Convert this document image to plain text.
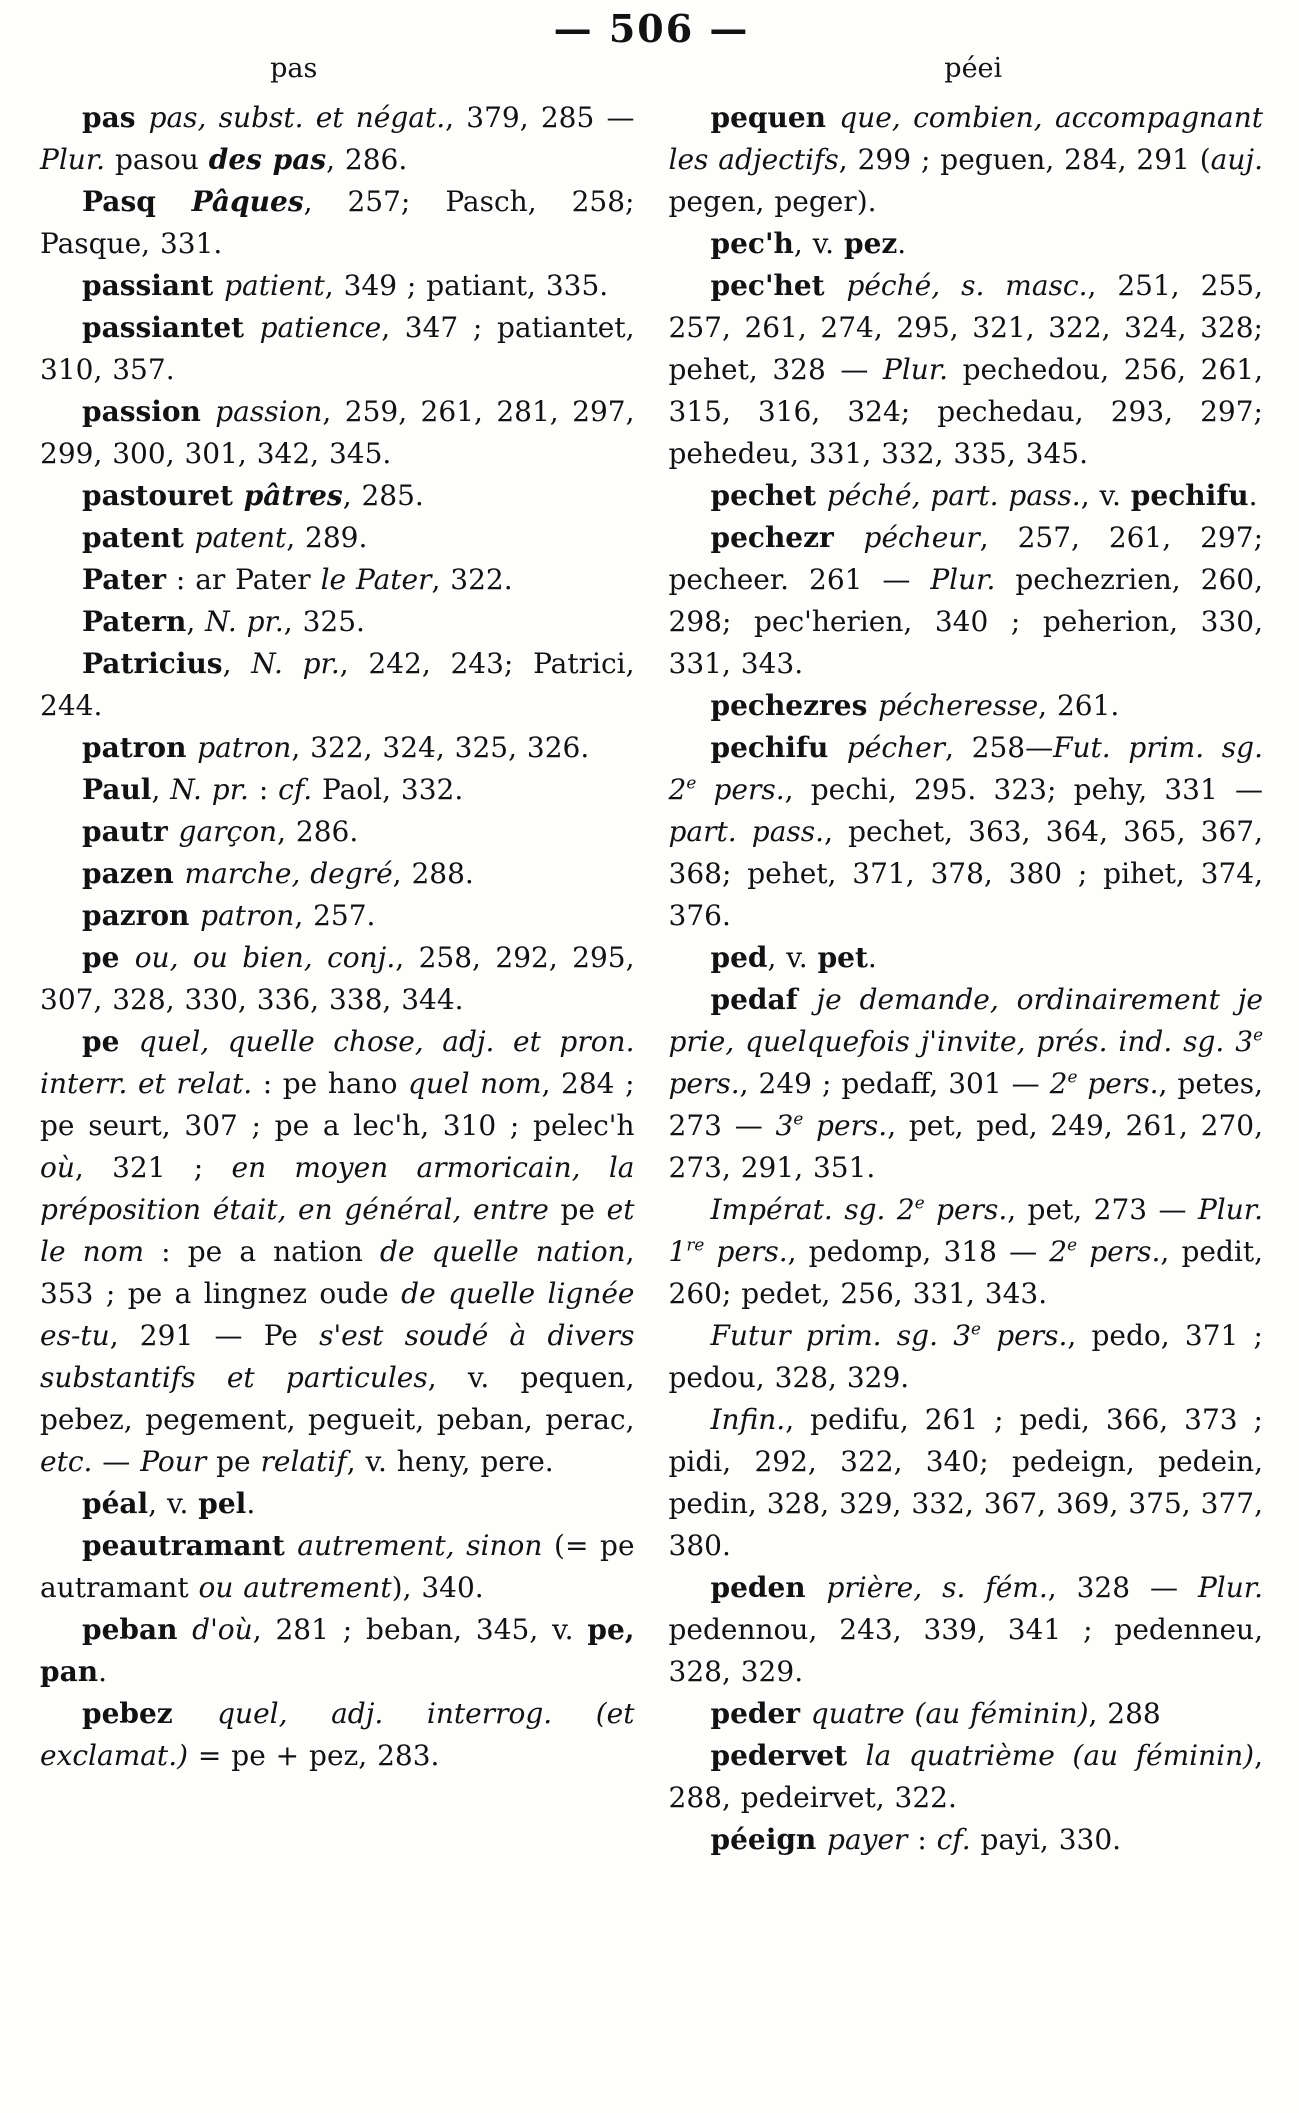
— 506 —
pas	péei

pas pas, subst. et négat., 379, 285 — Plur. pasou des pas, 286.

Pasq Pâques, 257; Pasch, 258; Pasque, 331.

passiant patient, 349 ; patiant, 335.

passiantet patience, 347 ; patiantet, 310, 357.

passion passion, 259, 261, 281, 297, 299, 300, 301, 342, 345.

pastouret pâtres, 285.

patent patent, 289.

Pater : ar Pater le Pater, 322.

Patern, N. pr., 325.

Patricius, N. pr., 242, 243; Patrici, 244.

patron patron, 322, 324, 325, 326.

Paul, N. pr. : cf. Paol, 332.

pautr garçon, 286.

pazen marche, degré, 288.

pazron patron, 257.

pe ou, ou bien, conj., 258, 292, 295, 307, 328, 330, 336, 338, 344.

pe quel, quelle chose, adj. et pron. interr. et relat. : pe hano quel nom, 284 ; pe seurt, 307 ; pe a lec'h, 310 ; pelec'h où, 321 ; en moyen armoricain, la préposition était, en général, entre pe et le nom : pe a nation de quelle nation, 353 ; pe a lingnez oude de quelle lignée es-tu, 291 — Pe s'est soudé à divers substantifs et particules, v. pequen, pebez, pegement, pegueit, peban, perac, etc. — Pour pe relatif, v. heny, pere.

péal, v. pel.

peautramant autrement, sinon (= pe autramant ou autrement), 340.

peban d'où, 281 ; beban, 345, v. pe, pan.

pebez quel, adj. interrog. (et exclamat.) = pe + pez, 283.

pequen que, combien, accompagnant les adjectifs, 299 ; peguen, 284, 291 (auj. pegen, peger).

pec'h, v. pez.

pec'het péché, s. masc., 251, 255, 257, 261, 274, 295, 321, 322, 324, 328; pehet, 328 — Plur. pechedou, 256, 261, 315, 316, 324; pechedau, 293, 297; pehedeu, 331, 332, 335, 345.

pechet péché, part. pass., v. pechifu.

pechezr pécheur, 257, 261, 297; pecheer. 261 — Plur. pechezrien, 260, 298; pec'herien, 340 ; peherion, 330, 331, 343.

pechezres pécheresse, 261.

pechifu pécher, 258—Fut. prim. sg. 2e pers., pechi, 295. 323; pehy, 331 — part. pass., pechet, 363, 364, 365, 367, 368; pehet, 371, 378, 380 ; pihet, 374, 376.

ped, v. pet.

pedaf je demande, ordinairement je prie, quelquefois j'invite, prés. ind. sg. 3e pers., 249 ; pedaff, 301 — 2e pers., petes, 273 — 3e pers., pet, ped, 249, 261, 270, 273, 291, 351.

Impérat. sg. 2e pers., pet, 273 — Plur. 1re pers., pedomp, 318 — 2e pers., pedit, 260; pedet, 256, 331, 343.

Futur prim. sg. 3e pers., pedo, 371 ; pedou, 328, 329.

Infin., pedifu, 261 ; pedi, 366, 373 ; pidi, 292, 322, 340; pedeign, pedein, pedin, 328, 329, 332, 367, 369, 375, 377, 380.

peden prière, s. fém., 328 — Plur. pedennou, 243, 339, 341 ; pedenneu, 328, 329.

peder quatre (au féminin), 288

pedervet la quatrième (au féminin), 288, pedeirvet, 322.

péeign payer : cf. payi, 330.
